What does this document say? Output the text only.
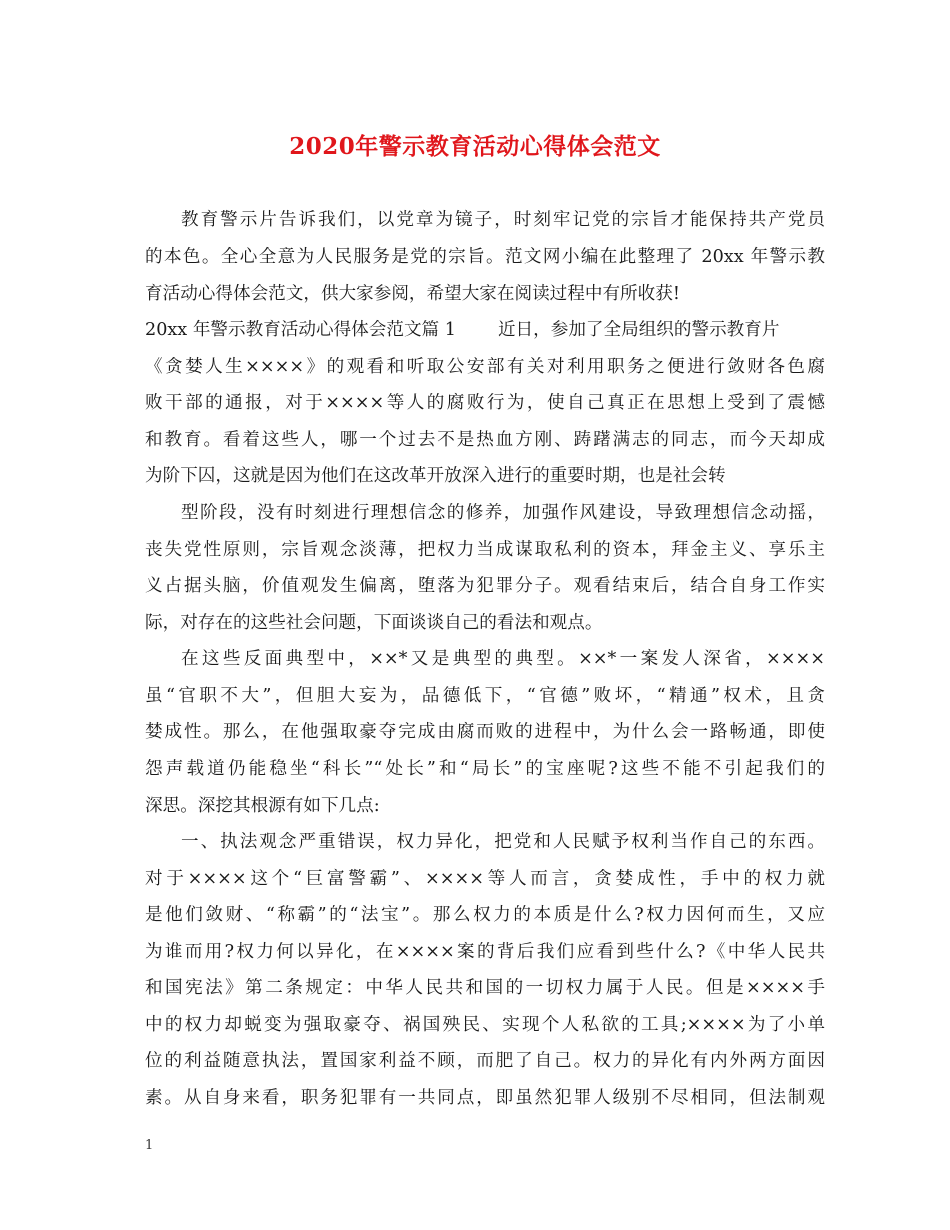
2020年警示教育活动心得体会范文
教育警示片告诉我们，以党章为镜子，时刻牢记党的宗旨才能保持共产党员
的本色。全心全意为人民服务是党的宗旨。范文网小编在此整理了 20xx 年警示教
育活动心得体会范文，供大家参阅，希望大家在阅读过程中有所收获!
20xx 年警示教育活动心得体会范文篇 1 近日，参加了全局组织的警示教育片
《贪婪人生××××》的观看和听取公安部有关对利用职务之便进行敛财各色腐
败干部的通报，对于××××等人的腐败行为，使自己真正在思想上受到了震憾
和教育。看着这些人，哪一个过去不是热血方刚、踌躇满志的同志，而今天却成
为阶下囚，这就是因为他们在这改革开放深入进行的重要时期，也是社会转
型阶段，没有时刻进行理想信念的修养，加强作风建设，导致理想信念动摇，
丧失党性原则，宗旨观念淡薄，把权力当成谋取私利的资本，拜金主义、享乐主
义占据头脑，价值观发生偏离，堕落为犯罪分子。观看结束后，结合自身工作实
际，对存在的这些社会问题，下面谈谈自己的看法和观点。
在这些反面典型中，××*又是典型的典型。××*一案发人深省，××××
虽“官职不大”，但胆大妄为，品德低下，“官德”败坏，“精通”权术，且贪
婪成性。那么，在他强取豪夺完成由腐而败的进程中，为什么会一路畅通，即使
怨声载道仍能稳坐“科长”“处长”和“局长”的宝座呢?这些不能不引起我们的
深思。深挖其根源有如下几点:
一、执法观念严重错误，权力异化，把党和人民赋予权利当作自己的东西。
对于××××这个“巨富警霸”、××××等人而言，贪婪成性，手中的权力就
是他们敛财、“称霸”的“法宝”。那么权力的本质是什么?权力因何而生，又应
为谁而用?权力何以异化，在××××案的背后我们应看到些什么?《中华人民共
和国宪法》第二条规定：中华人民共和国的一切权力属于人民。但是××××手
中的权力却蜕变为强取豪夺、祸国殃民、实现个人私欲的工具;××××为了小单
位的利益随意执法，置国家利益不顾，而肥了自己。权力的异化有内外两方面因
素。从自身来看，职务犯罪有一共同点，即虽然犯罪人级别不尽相同，但法制观
1
